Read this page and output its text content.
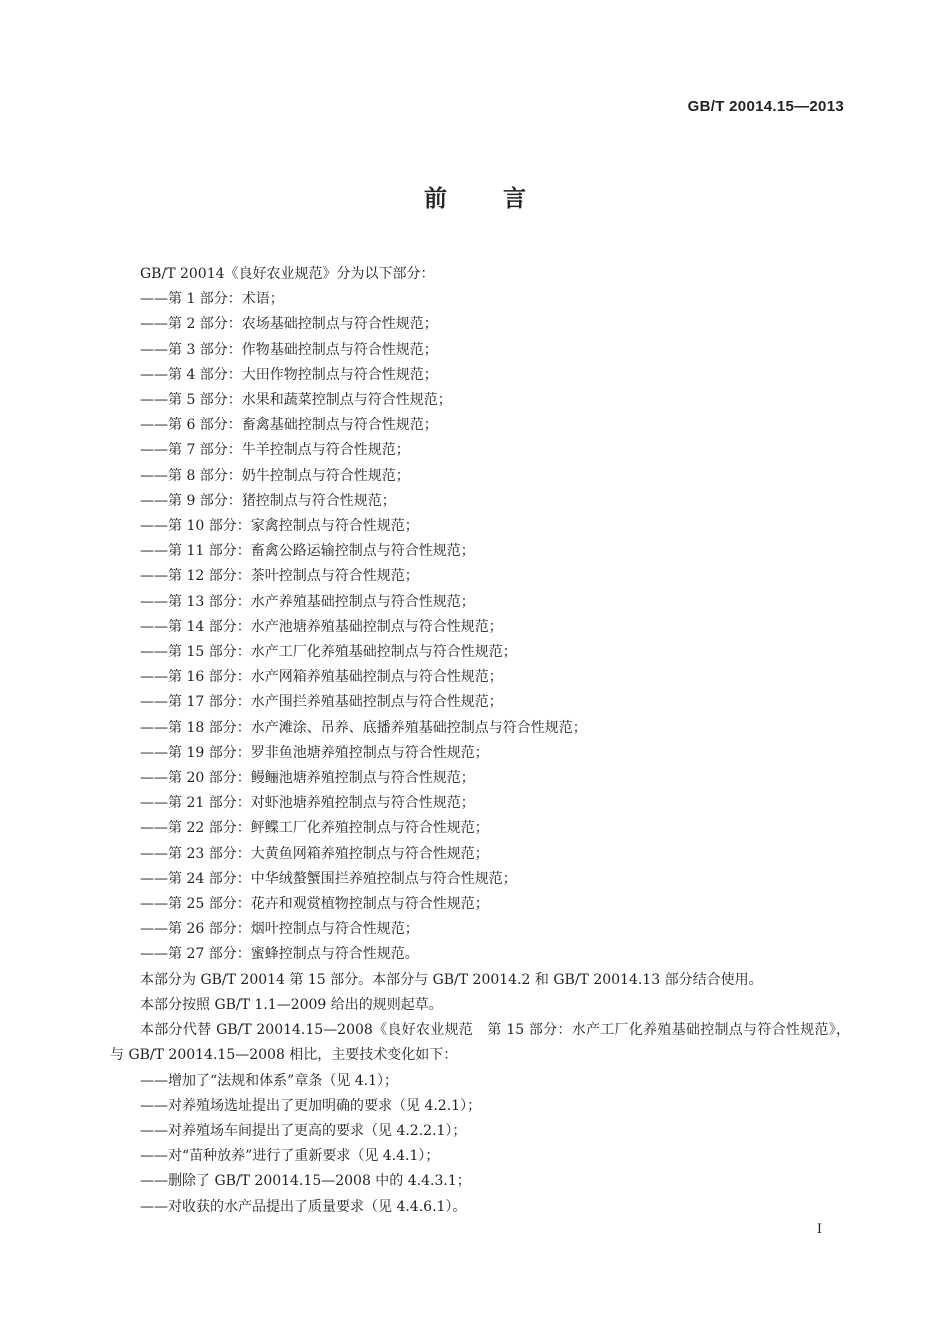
GB/T 20014.15—2013
前言

GB/T 20014《良好农业规范》分为以下部分：

——第 1 部分：术语；

——第 2 部分：农场基础控制点与符合性规范；

——第 3 部分：作物基础控制点与符合性规范；

——第 4 部分：大田作物控制点与符合性规范；

——第 5 部分：水果和蔬菜控制点与符合性规范；

——第 6 部分：畜禽基础控制点与符合性规范；

——第 7 部分：牛羊控制点与符合性规范；

——第 8 部分：奶牛控制点与符合性规范；

——第 9 部分：猪控制点与符合性规范；

——第 10 部分：家禽控制点与符合性规范；

——第 11 部分：畜禽公路运输控制点与符合性规范；

——第 12 部分：茶叶控制点与符合性规范；

——第 13 部分：水产养殖基础控制点与符合性规范；

——第 14 部分：水产池塘养殖基础控制点与符合性规范；

——第 15 部分：水产工厂化养殖基础控制点与符合性规范；

——第 16 部分：水产网箱养殖基础控制点与符合性规范；

——第 17 部分：水产围拦养殖基础控制点与符合性规范；

——第 18 部分：水产滩涂、吊养、底播养殖基础控制点与符合性规范；

——第 19 部分：罗非鱼池塘养殖控制点与符合性规范；

——第 20 部分：鳗鲡池塘养殖控制点与符合性规范；

——第 21 部分：对虾池塘养殖控制点与符合性规范；

——第 22 部分：鲆鲽工厂化养殖控制点与符合性规范；

——第 23 部分：大黄鱼网箱养殖控制点与符合性规范；

——第 24 部分：中华绒螯蟹围拦养殖控制点与符合性规范；

——第 25 部分：花卉和观赏植物控制点与符合性规范；

——第 26 部分：烟叶控制点与符合性规范；

——第 27 部分：蜜蜂控制点与符合性规范。

本部分为 GB/T 20014 第 15 部分。本部分与 GB/T 20014.2 和 GB/T 20014.13 部分结合使用。

本部分按照 GB/T 1.1—2009 给出的规则起草。

本部分代替 GB/T 20014.15—2008《良好农业规范　第 15 部分：水产工厂化养殖基础控制点与符合性规范》，与 GB/T 20014.15—2008 相比，主要技术变化如下：

——增加了“法规和体系”章条（见 4.1）；

——对养殖场选址提出了更加明确的要求（见 4.2.1）；

——对养殖场车间提出了更高的要求（见 4.2.2.1）；

——对“苗种放养”进行了重新要求（见 4.4.1）；

——删除了 GB/T 20014.15—2008 中的 4.4.3.1；

——对收获的水产品提出了质量要求（见 4.4.6.1）。

I
